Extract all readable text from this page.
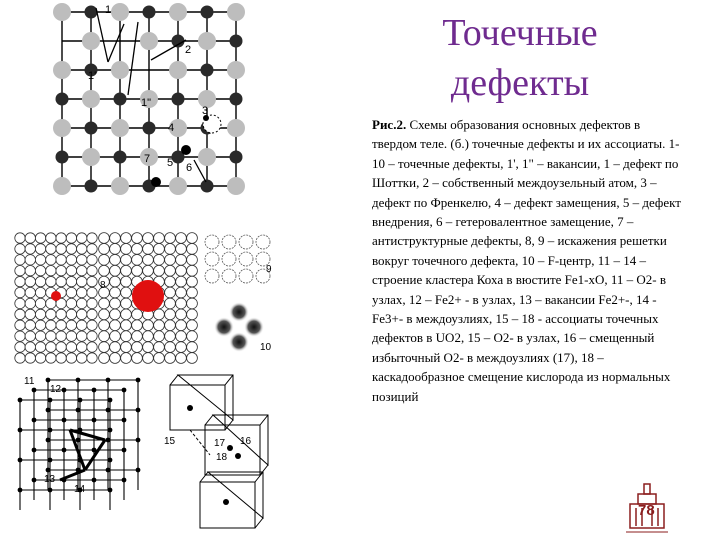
Точечные
дефекты
Рис.2. Схемы образования основных дефектов в твердом теле. (б.) точечные дефекты и их ассоциаты. 1-10 – точечные дефекты, 1', 1" – вакансии, 1 – дефект по Шоттки, 2 – собственный междоузельный атом, 3 – дефект по Френкелю, 4 – дефект замещения, 5 – дефект внедрения, 6 – гетеровалентное замещение, 7 – антиструктурные дефекты, 8, 9 – искажения решетки вокруг точечного дефекта, 10 – F-центр, 11 – 14 – строение кластера Коха в вюстите Fe1-xO, 11 – O2- в узлах, 12 – Fe2+ - в узлах, 13 – вакансии Fe2+-, 14 - Fe3+- в междоузлиях, 15 – 18 - ассоциаты точечных дефектов в UO2, 15 – O2- в узлах, 16 – смещенный избыточный O2- в междоузлиях (17), 18 – каскадообразное смещение кислорода из нормальных позиций
1
2
1'
1"
3
4
7 5 6
8
9
10
11
12
13
14
15	17 16
18
78
